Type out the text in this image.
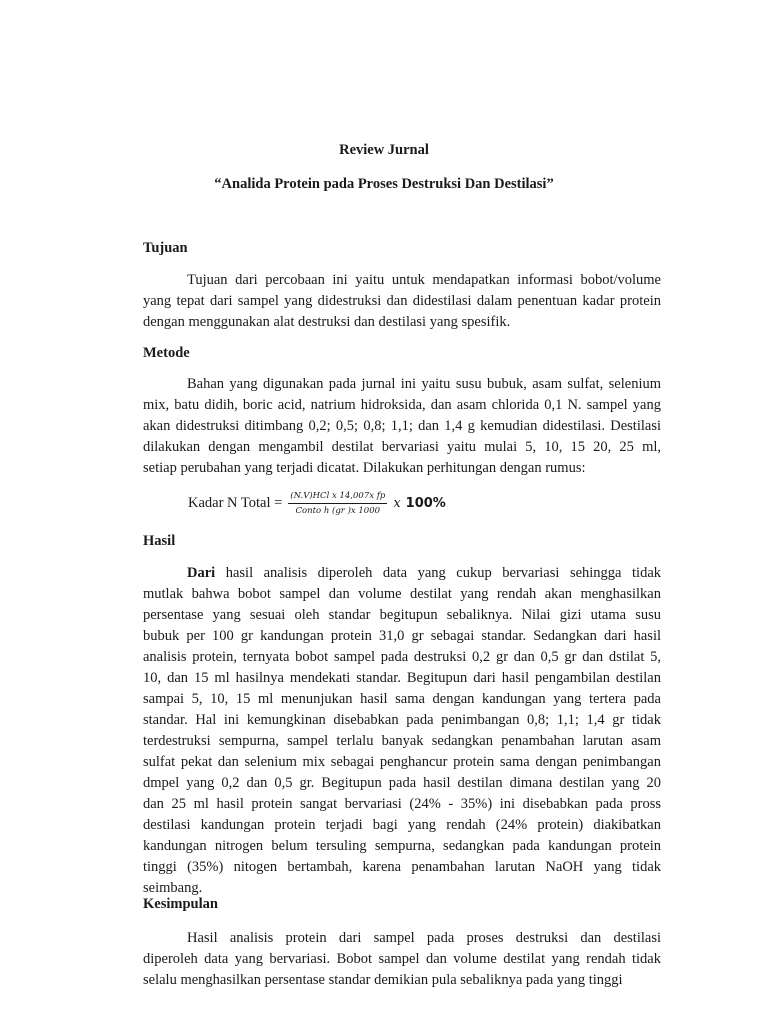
Review Jurnal

“Analida Protein pada Proses Destruksi Dan Destilasi”

Tujuan

Tujuan dari percobaan ini yaitu untuk mendapatkan informasi bobot/volume
yang tepat dari sampel yang didestruksi dan didestilasi dalam penentuan kadar protein
dengan menggunakan alat destruksi dan destilasi yang spesifik.

Metode

Bahan yang digunakan pada jurnal ini yaitu susu bubuk, asam sulfat, selenium
mix, batu didih, boric acid, natrium hidroksida, dan asam chlorida 0,1 N. sampel yang
akan didestruksi ditimbang 0,2; 0,5; 0,8; 1,1; dan 1,4 g kemudian didestilasi. Destilasi
dilakukan dengan mengambil destilat bervariasi yaitu mulai 5, 10, 15 20, 25 ml,
setiap perubahan yang terjadi dicatat. Dilakukan perhitungan dengan rumus:
Kadar N Total = $\frac{\text{(N.V)HCl x 14,007x fp}}{\text{Conto h (gr )x 1000}}$ x 100%

Hasil

Dari hasil analisis diperoleh data yang cukup bervariasi sehingga tidak
mutlak bahwa bobot sampel dan volume destilat yang rendah akan menghasilkan
persentase yang sesuai oleh standar begitupun sebaliknya. Nilai gizi utama susu
bubuk per 100 gr kandungan protein 31,0 gr sebagai standar. Sedangkan dari hasil
analisis protein, ternyata bobot sampel pada destruksi 0,2 gr dan 0,5 gr dan dstilat 5,
10, dan 15 ml hasilnya mendekati standar. Begitupun dari hasil pengambilan destilan
sampai 5, 10, 15 ml menunjukan hasil sama dengan kandungan yang tertera pada
standar. Hal ini kemungkinan disebabkan pada penimbangan 0,8; 1,1; 1,4 gr tidak
terdestruksi sempurna, sampel terlalu banyak sedangkan penambahan larutan asam
sulfat pekat dan selenium mix sebagai penghancur protein sama dengan penimbangan
dmpel yang 0,2 dan 0,5 gr. Begitupun pada hasil destilan dimana destilan yang 20
dan 25 ml hasil protein sangat bervariasi (24% - 35%) ini disebabkan pada pross
destilasi kandungan protein terjadi bagi yang rendah (24% protein) diakibatkan
kandungan nitrogen belum tersuling sempurna, sedangkan pada kandungan protein
tinggi (35%) nitogen bertambah, karena penambahan larutan NaOH yang tidak
seimbang.

Kesimpulan

Hasil analisis protein dari sampel pada proses destruksi dan destilasi
diperoleh data yang bervariasi. Bobot sampel dan volume destilat yang rendah tidak
selalu menghasilkan persentase standar demikian pula sebaliknya pada yang tinggi
